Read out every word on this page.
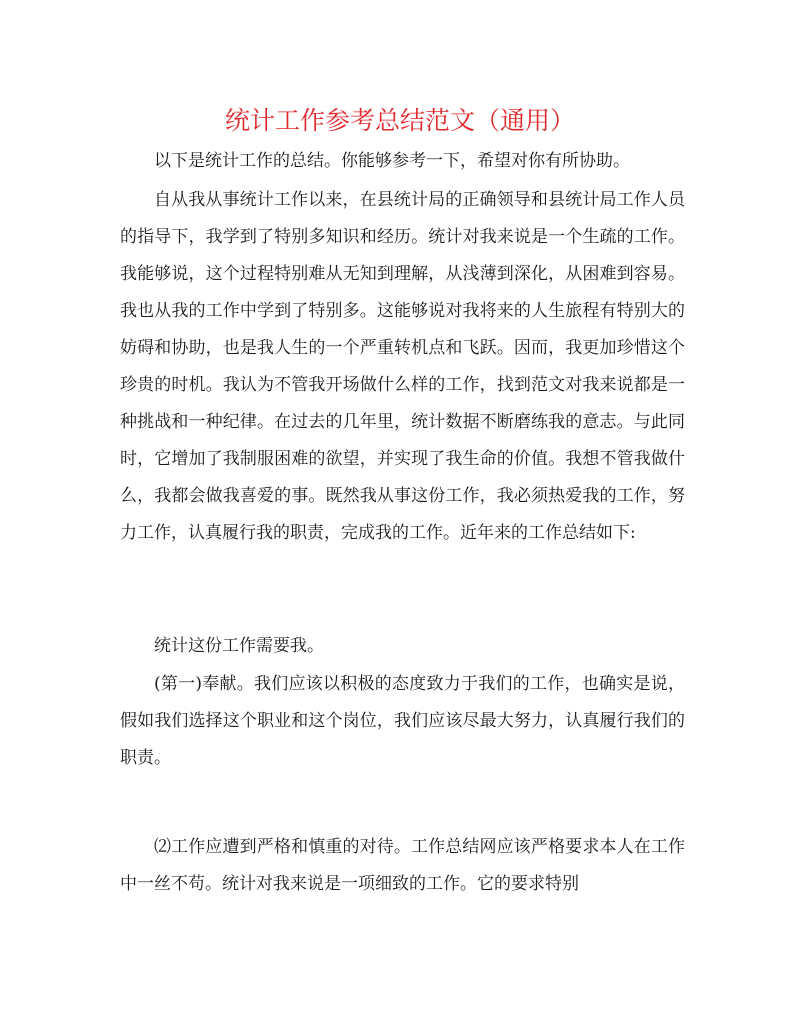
统计工作参考总结范文（通用）

以下是统计工作的总结。你能够参考一下，希望对你有所协助。

自从我从事统计工作以来，在县统计局的正确领导和县统计局工作人员的指导下，我学到了特别多知识和经历。统计对我来说是一个生疏的工作。我能够说，这个过程特别难从无知到理解，从浅薄到深化，从困难到容易。我也从我的工作中学到了特别多。这能够说对我将来的人生旅程有特别大的妨碍和协助，也是我人生的一个严重转机点和飞跃。因而，我更加珍惜这个珍贵的时机。我认为不管我开场做什么样的工作，找到范文对我来说都是一种挑战和一种纪律。在过去的几年里，统计数据不断磨练我的意志。与此同时，它增加了我制服困难的欲望，并实现了我生命的价值。我想不管我做什么，我都会做我喜爱的事。既然我从事这份工作，我必须热爱我的工作，努力工作，认真履行我的职责，完成我的工作。近年来的工作总结如下:

统计这份工作需要我。

(第一)奉献。我们应该以积极的态度致力于我们的工作，也确实是说，假如我们选择这个职业和这个岗位，我们应该尽最大努力，认真履行我们的职责。

⑵工作应遭到严格和慎重的对待。工作总结网应该严格要求本人在工作中一丝不苟。统计对我来说是一项细致的工作。它的要求特别
